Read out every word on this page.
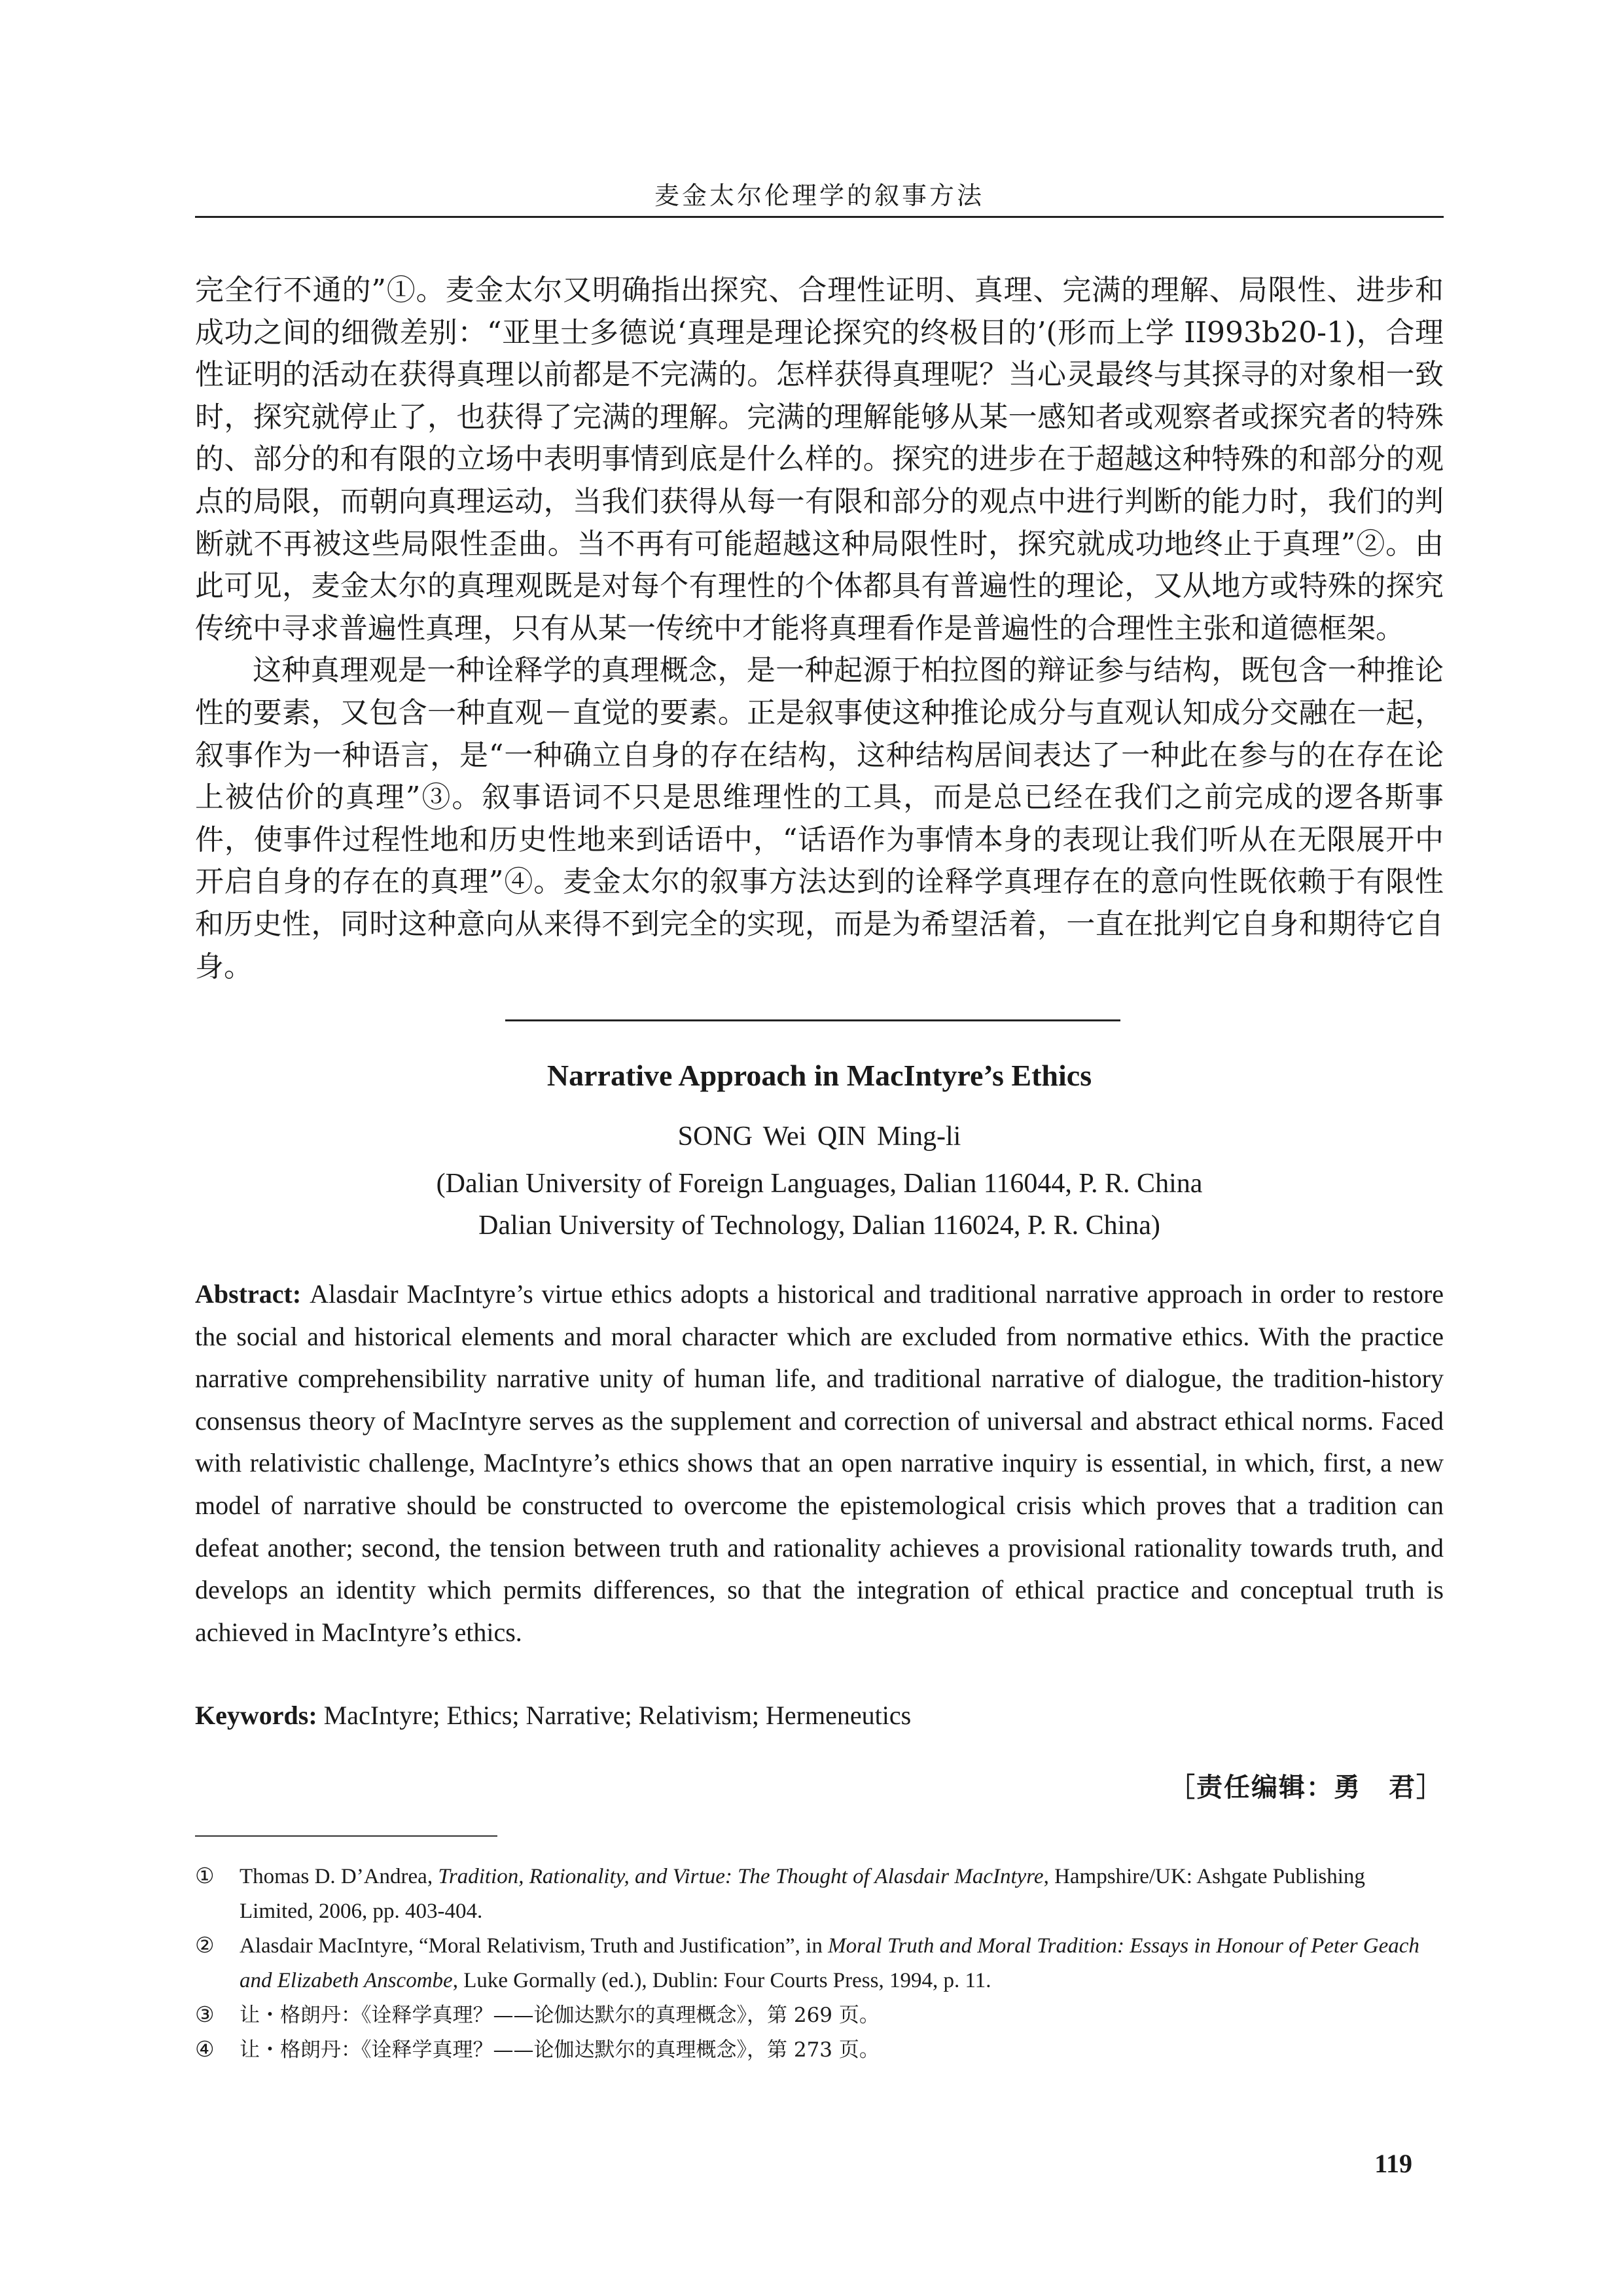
麦金太尔伦理学的叙事方法

完全行不通的”①。麦金太尔又明确指出探究、合理性证明、真理、完满的理解、局限性、进步和成功之间的细微差别：“亚里士多德说‘真理是理论探究的终极目的’(形而上学 II993b20-1)，合理性证明的活动在获得真理以前都是不完满的。怎样获得真理呢？当心灵最终与其探寻的对象相一致时，探究就停止了，也获得了完满的理解。完满的理解能够从某一感知者或观察者或探究者的特殊的、部分的和有限的立场中表明事情到底是什么样的。探究的进步在于超越这种特殊的和部分的观点的局限，而朝向真理运动，当我们获得从每一有限和部分的观点中进行判断的能力时，我们的判断就不再被这些局限性歪曲。当不再有可能超越这种局限性时，探究就成功地终止于真理”②。由此可见，麦金太尔的真理观既是对每个有理性的个体都具有普遍性的理论，又从地方或特殊的探究传统中寻求普遍性真理，只有从某一传统中才能将真理看作是普遍性的合理性主张和道德框架。

这种真理观是一种诠释学的真理概念，是一种起源于柏拉图的辩证参与结构，既包含一种推论性的要素，又包含一种直观－直觉的要素。正是叙事使这种推论成分与直观认知成分交融在一起，叙事作为一种语言，是“一种确立自身的存在结构，这种结构居间表达了一种此在参与的在存在论上被估价的真理”③。叙事语词不只是思维理性的工具，而是总已经在我们之前完成的逻各斯事件，使事件过程性地和历史性地来到话语中，“话语作为事情本身的表现让我们听从在无限展开中开启自身的存在的真理”④。麦金太尔的叙事方法达到的诠释学真理存在的意向性既依赖于有限性和历史性，同时这种意向从来得不到完全的实现，而是为希望活着，一直在批判它自身和期待它自身。

Narrative Approach in MacIntyre’s Ethics
SONG Wei QIN Ming-li
(Dalian University of Foreign Languages, Dalian 116044, P. R. China
Dalian University of Technology, Dalian 116024, P. R. China)

Abstract: Alasdair MacIntyre’s virtue ethics adopts a historical and traditional narrative approach in order to restore the social and historical elements and moral character which are excluded from normative ethics. With the practice narrative comprehensibility narrative unity of human life, and traditional narrative of dialogue, the tradition-history consensus theory of MacIntyre serves as the supplement and correction of universal and abstract ethical norms. Faced with relativistic challenge, MacIntyre’s ethics shows that an open narrative inquiry is essential, in which, first, a new model of narrative should be constructed to overcome the epistemological crisis which proves that a tradition can defeat another; second, the tension between truth and rationality achieves a provisional rationality towards truth, and develops an identity which permits differences, so that the integration of ethical practice and conceptual truth is achieved in MacIntyre’s ethics.

Keywords: MacIntyre; Ethics; Narrative; Relativism; Hermeneutics

［责任编辑：勇　君］

① Thomas D. D’Andrea, Tradition, Rationality, and Virtue: The Thought of Alasdair MacIntyre, Hampshire/UK: Ashgate Publishing Limited, 2006, pp. 403-404.

② Alasdair MacIntyre, “Moral Relativism, Truth and Justification”, in Moral Truth and Moral Tradition: Essays in Honour of Peter Geach and Elizabeth Anscombe, Luke Gormally (ed.), Dublin: Four Courts Press, 1994, p. 11.

③ 让・格朗丹：《诠释学真理？——论伽达默尔的真理概念》，第 269 页。

④ 让・格朗丹：《诠释学真理？——论伽达默尔的真理概念》，第 273 页。

119
